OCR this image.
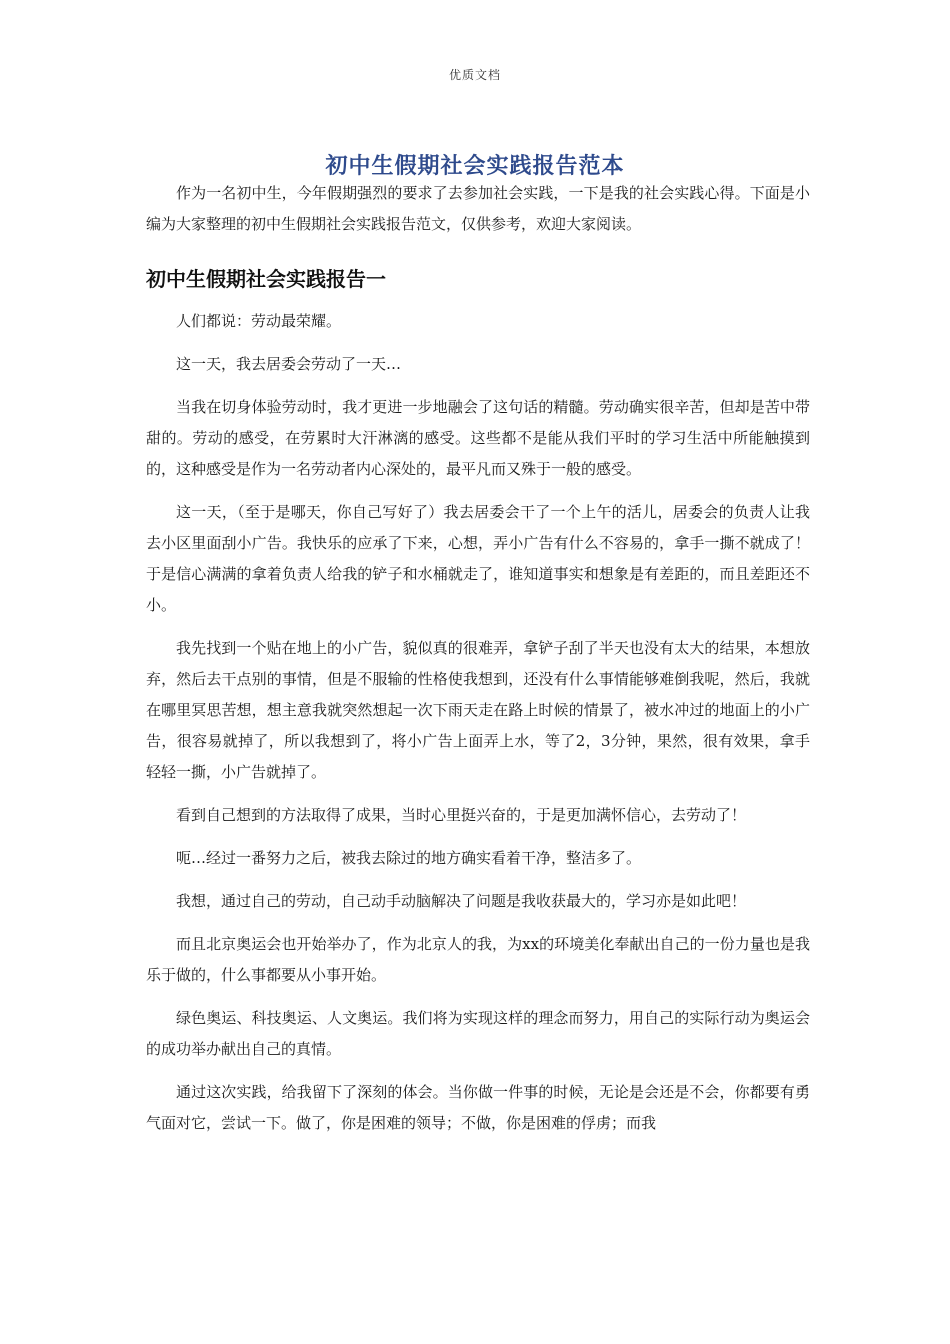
优质文档
初中生假期社会实践报告范本

作为一名初中生，今年假期强烈的要求了去参加社会实践，一下是我的社会实践心得。下面是小编为大家整理的初中生假期社会实践报告范文，仅供参考，欢迎大家阅读。

初中生假期社会实践报告一

人们都说：劳动最荣耀。

这一天，我去居委会劳动了一天…

当我在切身体验劳动时，我才更进一步地融会了这句话的精髓。劳动确实很辛苦，但却是苦中带甜的。劳动的感受，在劳累时大汗淋漓的感受。这些都不是能从我们平时的学习生活中所能触摸到的，这种感受是作为一名劳动者内心深处的，最平凡而又殊于一般的感受。

这一天，（至于是哪天，你自己写好了）我去居委会干了一个上午的活儿，居委会的负责人让我去小区里面刮小广告。我快乐的应承了下来，心想，弄小广告有什么不容易的，拿手一撕不就成了！于是信心满满的拿着负责人给我的铲子和水桶就走了，谁知道事实和想象是有差距的，而且差距还不小。

我先找到一个贴在地上的小广告，貌似真的很难弄，拿铲子刮了半天也没有太大的结果，本想放弃，然后去干点别的事情，但是不服输的性格使我想到，还没有什么事情能够难倒我呢，然后，我就在哪里冥思苦想，想主意我就突然想起一次下雨天走在路上时候的情景了，被水冲过的地面上的小广告，很容易就掉了，所以我想到了，将小广告上面弄上水，等了2，3分钟，果然，很有效果，拿手轻轻一撕，小广告就掉了。

看到自己想到的方法取得了成果，当时心里挺兴奋的，于是更加满怀信心，去劳动了！

呃…经过一番努力之后，被我去除过的地方确实看着干净，整洁多了。

我想，通过自己的劳动，自己动手动脑解决了问题是我收获最大的，学习亦是如此吧！

而且北京奥运会也开始举办了，作为北京人的我，为xx的环境美化奉献出自己的一份力量也是我乐于做的，什么事都要从小事开始。

绿色奥运、科技奥运、人文奥运。我们将为实现这样的理念而努力，用自己的实际行动为奥运会的成功举办献出自己的真情。

通过这次实践，给我留下了深刻的体会。当你做一件事的时候，无论是会还是不会，你都要有勇气面对它，尝试一下。做了，你是困难的领导；不做，你是困难的俘虏；而我
